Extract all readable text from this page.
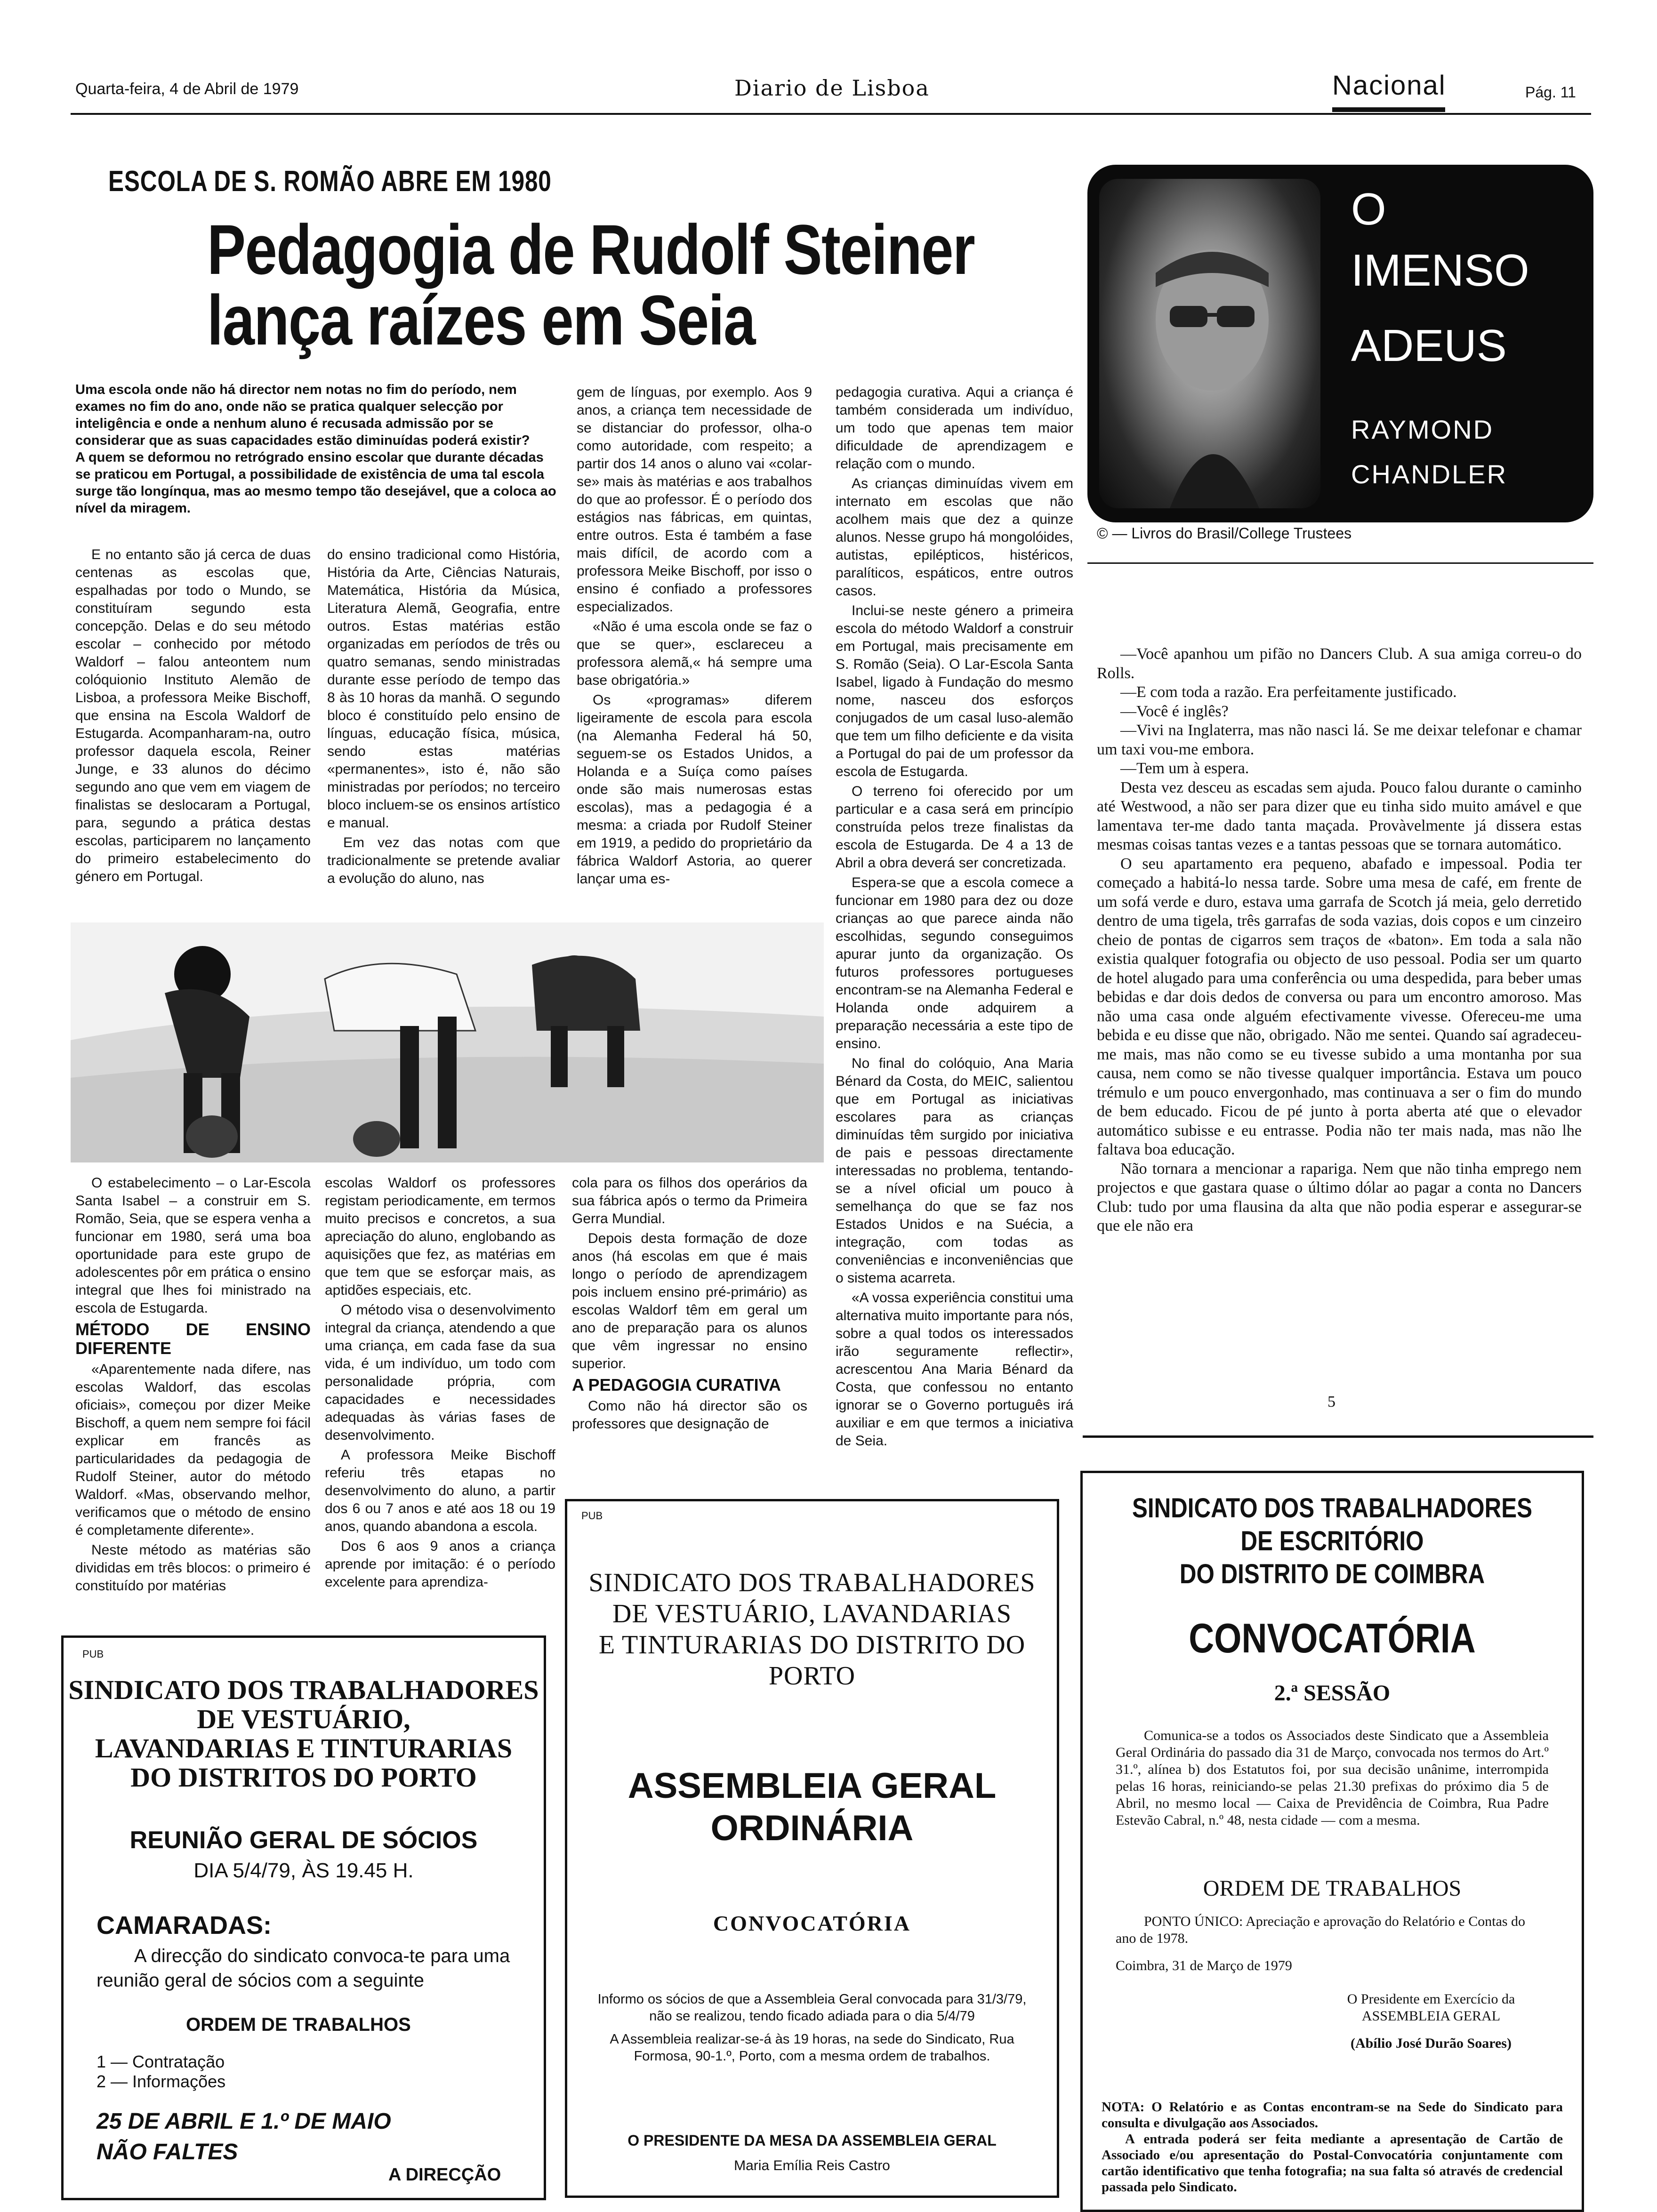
Quarta-feira, 4 de Abril de 1979	Diario de Lisboa	Nacional	Pág. 11
ESCOLA DE S. ROMÃO ABRE EM 1980
Pedagogia de Rudolf Steiner
lança raízes em Seia

Uma escola onde não há director nem notas no fim do período, nem exames no fim do ano, onde não se pratica qualquer selecção por inteligência e onde a nenhum aluno é recusada admissão por se considerar que as suas capacidades estão diminuídas poderá existir?

A quem se deformou no retrógrado ensino escolar que durante décadas se praticou em Portugal, a possibilidade de existência de uma tal escola surge tão longínqua, mas ao mesmo tempo tão desejável, que a coloca ao nível da miragem.

E no entanto são já cerca de duas centenas as escolas que, espalhadas por todo o Mundo, se constituíram segundo esta concepção. Delas e do seu método escolar – conhecido por método Waldorf – falou anteontem num colóquionio Instituto Alemão de Lisboa, a professora Meike Bischoff, que ensina na Escola Waldorf de Estugarda. Acompanharam-na, outro professor daquela escola, Reiner Junge, e 33 alunos do décimo segundo ano que vem em viagem de finalistas se deslocaram a Portugal, para, segundo a prática destas escolas, participarem no lançamento do primeiro estabelecimento do género em Portugal.

do ensino tradicional como História, História da Arte, Ciências Naturais, Matemática, História da Música, Literatura Alemã, Geografia, entre outros. Estas matérias estão organizadas em períodos de três ou quatro semanas, sendo ministradas durante esse período de tempo das 8 às 10 horas da manhã. O segundo bloco é constituído pelo ensino de línguas, educação física, música, sendo estas matérias «permanentes», isto é, não são ministradas por períodos; no terceiro bloco incluem-se os ensinos artístico e manual.

Em vez das notas com que tradicionalmente se pretende avaliar a evolução do aluno, nas

gem de línguas, por exemplo. Aos 9 anos, a criança tem necessidade de se distanciar do professor, olha-o como autoridade, com respeito; a partir dos 14 anos o aluno vai «colar-se» mais às matérias e aos trabalhos do que ao professor. É o período dos estágios nas fábricas, em quintas, entre outros. Esta é também a fase mais difícil, de acordo com a professora Meike Bischoff, por isso o ensino é confiado a professores especializados.

«Não é uma escola onde se faz o que se quer», esclareceu a professora alemã,« há sempre uma base obrigatória.»

Os «programas» diferem ligeiramente de escola para escola (na Alemanha Federal há 50, seguem-se os Estados Unidos, a Holanda e a Suíça como países onde são mais numerosas estas escolas), mas a pedagogia é a mesma: a criada por Rudolf Steiner em 1919, a pedido do proprietário da fábrica Waldorf Astoria, ao querer lançar uma es-

pedagogia curativa. Aqui a criança é também considerada um indivíduo, um todo que apenas tem maior dificuldade de aprendizagem e relação com o mundo.

As crianças diminuídas vivem em internato em escolas que não acolhem mais que dez a quinze alunos. Nesse grupo há mongolóides, autistas, epilépticos, histéricos, paralíticos, espáticos, entre outros casos.

Inclui-se neste género a primeira escola do método Waldorf a construir em Portugal, mais precisamente em S. Romão (Seia). O Lar-Escola Santa Isabel, ligado à Fundação do mesmo nome, nasceu dos esforços conjugados de um casal luso-alemão que tem um filho deficiente e da visita a Portugal do pai de um professor da escola de Estugarda.

O terreno foi oferecido por um particular e a casa será em princípio construída pelos treze finalistas da escola de Estugarda. De 4 a 13 de Abril a obra deverá ser concretizada.

Espera-se que a escola comece a funcionar em 1980 para dez ou doze crianças ao que parece ainda não escolhidas, segundo conseguimos apurar junto da organização. Os futuros professores portugueses encontram-se na Alemanha Federal e Holanda onde adquirem a preparação necessária a este tipo de ensino.

No final do colóquio, Ana Maria Bénard da Costa, do MEIC, salientou que em Portugal as iniciativas escolares para as crianças diminuídas têm surgido por iniciativa de pais e pessoas directamente interessadas no problema, tentando-se a nível oficial um pouco à semelhança do que se faz nos Estados Unidos e na Suécia, a integração, com todas as conveniências e inconveniências que o sistema acarreta.

«A vossa experiência constitui uma alternativa muito importante para nós, sobre a qual todos os interessados irão seguramente reflectir», acrescentou Ana Maria Bénard da Costa, que confessou no entanto ignorar se o Governo português irá auxiliar e em que termos a iniciativa de Seia.

O estabelecimento – o Lar-Escola Santa Isabel – a construir em S. Romão, Seia, que se espera venha a funcionar em 1980, será uma boa oportunidade para este grupo de adolescentes pôr em prática o ensino integral que lhes foi ministrado na escola de Estugarda.

MÉTODO DE ENSINO DIFERENTE

«Aparentemente nada difere, nas escolas Waldorf, das escolas oficiais», começou por dizer Meike Bischoff, a quem nem sempre foi fácil explicar em francês as particularidades da pedagogia de Rudolf Steiner, autor do método Waldorf. «Mas, observando melhor, verificamos que o método de ensino é completamente diferente».

Neste método as matérias são divididas em três blocos: o primeiro é constituído por matérias

escolas Waldorf os professores registam periodicamente, em termos muito precisos e concretos, a sua apreciação do aluno, englobando as aquisições que fez, as matérias em que tem que se esforçar mais, as aptidões especiais, etc.

O método visa o desenvolvimento integral da criança, atendendo a que uma criança, em cada fase da sua vida, é um indivíduo, um todo com personalidade própria, com capacidades e necessidades adequadas às várias fases de desenvolvimento.

A professora Meike Bischoff referiu três etapas no desenvolvimento do aluno, a partir dos 6 ou 7 anos e até aos 18 ou 19 anos, quando abandona a escola.

Dos 6 aos 9 anos a criança aprende por imitação: é o período excelente para aprendiza-

cola para os filhos dos operários da sua fábrica após o termo da Primeira Gerra Mundial.

Depois desta formação de doze anos (há escolas em que é mais longo o período de aprendizagem pois incluem ensino pré-primário) as escolas Waldorf têm em geral um ano de preparação para os alunos que vêm ingressar no ensino superior.

A PEDAGOGIA CURATIVA

Como não há director são os professores que designação de

O
IMENSO
ADEUS
RAYMOND
CHANDLER
© — Livros do Brasil/College Trustees

—Você apanhou um pifão no Dancers Club. A sua amiga correu-o do Rolls.

—E com toda a razão. Era perfeitamente justificado.

—Você é inglês?

—Vivi na Inglaterra, mas não nasci lá. Se me deixar telefonar e chamar um taxi vou-me embora.

—Tem um à espera.

Desta vez desceu as escadas sem ajuda. Pouco falou durante o caminho até Westwood, a não ser para dizer que eu tinha sido muito amável e que lamentava ter-me dado tanta maçada. Provàvelmente já dissera estas mesmas coisas tantas vezes e a tantas pessoas que se tornara automático.

O seu apartamento era pequeno, abafado e impessoal. Podia ter começado a habitá-lo nessa tarde. Sobre uma mesa de café, em frente de um sofá verde e duro, estava uma garrafa de Scotch já meia, gelo derretido dentro de uma tigela, três garrafas de soda vazias, dois copos e um cinzeiro cheio de pontas de cigarros sem traços de «baton». Em toda a sala não existia qualquer fotografia ou objecto de uso pessoal. Podia ser um quarto de hotel alugado para uma conferência ou uma despedida, para beber umas bebidas e dar dois dedos de conversa ou para um encontro amoroso. Mas não uma casa onde alguém efectivamente vivesse. Ofereceu-me uma bebida e eu disse que não, obrigado. Não me sentei. Quando saí agradeceu-me mais, mas não como se eu tivesse subido a uma montanha por sua causa, nem como se não tivesse qualquer importância. Estava um pouco trémulo e um pouco envergonhado, mas continuava a ser o fim do mundo de bem educado. Ficou de pé junto à porta aberta até que o elevador automático subisse e eu entrasse. Podia não ter mais nada, mas não lhe faltava boa educação.

Não tornara a mencionar a rapariga. Nem que não tinha emprego nem projectos e que gastara quase o último dólar ao pagar a conta no Dancers Club: tudo por uma flausina da alta que não podia esperar e assegurar-se que ele não era

5
PUB
SINDICATO DOS TRABALHADORES
DE VESTUÁRIO,
LAVANDARIAS E TINTURARIAS
DO DISTRITOS DO PORTO
REUNIÃO GERAL DE SÓCIOS
DIA 5/4/79, ÀS 19.45 H.
CAMARADAS:
A direcção do sindicato convoca-te para uma reunião geral de sócios com a seguinte
ORDEM DE TRABALHOS
1 — Contratação
2 — Informações
25 DE ABRIL E 1.º DE MAIO
NÃO FALTES
A DIRECÇÃO
PUB
SINDICATO DOS TRABALHADORES
DE VESTUÁRIO, LAVANDARIAS
E TINTURARIAS DO DISTRITO DO
PORTO
ASSEMBLEIA GERAL
ORDINÁRIA
CONVOCATÓRIA
Informo os sócios de que a Assembleia Geral convocada para 31/3/79, não se realizou, tendo ficado adiada para o dia 5/4/79
A Assembleia realizar-se-á às 19 horas, na sede do Sindicato, Rua Formosa, 90-1.º, Porto, com a mesma ordem de trabalhos.
O PRESIDENTE DA MESA DA ASSEMBLEIA GERAL
Maria Emília Reis Castro
SINDICATO DOS TRABALHADORES
DE ESCRITÓRIO
DO DISTRITO DE COIMBRA
CONVOCATÓRIA
2.ª SESSÃO
Comunica-se a todos os Associados deste Sindicato que a Assembleia Geral Ordinária do passado dia 31 de Março, convocada nos termos do Art.º 31.º, alínea b) dos Estatutos foi, por sua decisão unânime, interrompida pelas 16 horas, reiniciando-se pelas 21.30 prefixas do próximo dia 5 de Abril, no mesmo local — Caixa de Previdência de Coimbra, Rua Padre Estevão Cabral, n.º 48, nesta cidade — com a mesma.
ORDEM DE TRABALHOS
PONTO ÚNICO: Apreciação e aprovação do Relatório e Contas do ano de 1978.
Coimbra, 31 de Março de 1979
O Presidente em Exercício da
ASSEMBLEIA GERAL
(Abílio José Durão Soares)
NOTA: O Relatório e as Contas encontram-se na Sede do Sindicato para consulta e divulgação aos Associados.
A entrada poderá ser feita mediante a apresentação de Cartão de Associado e/ou apresentação do Postal-Convocatória conjuntamente com cartão identificativo que tenha fotografia; na sua falta só através de credencial passada pelo Sindicato.
